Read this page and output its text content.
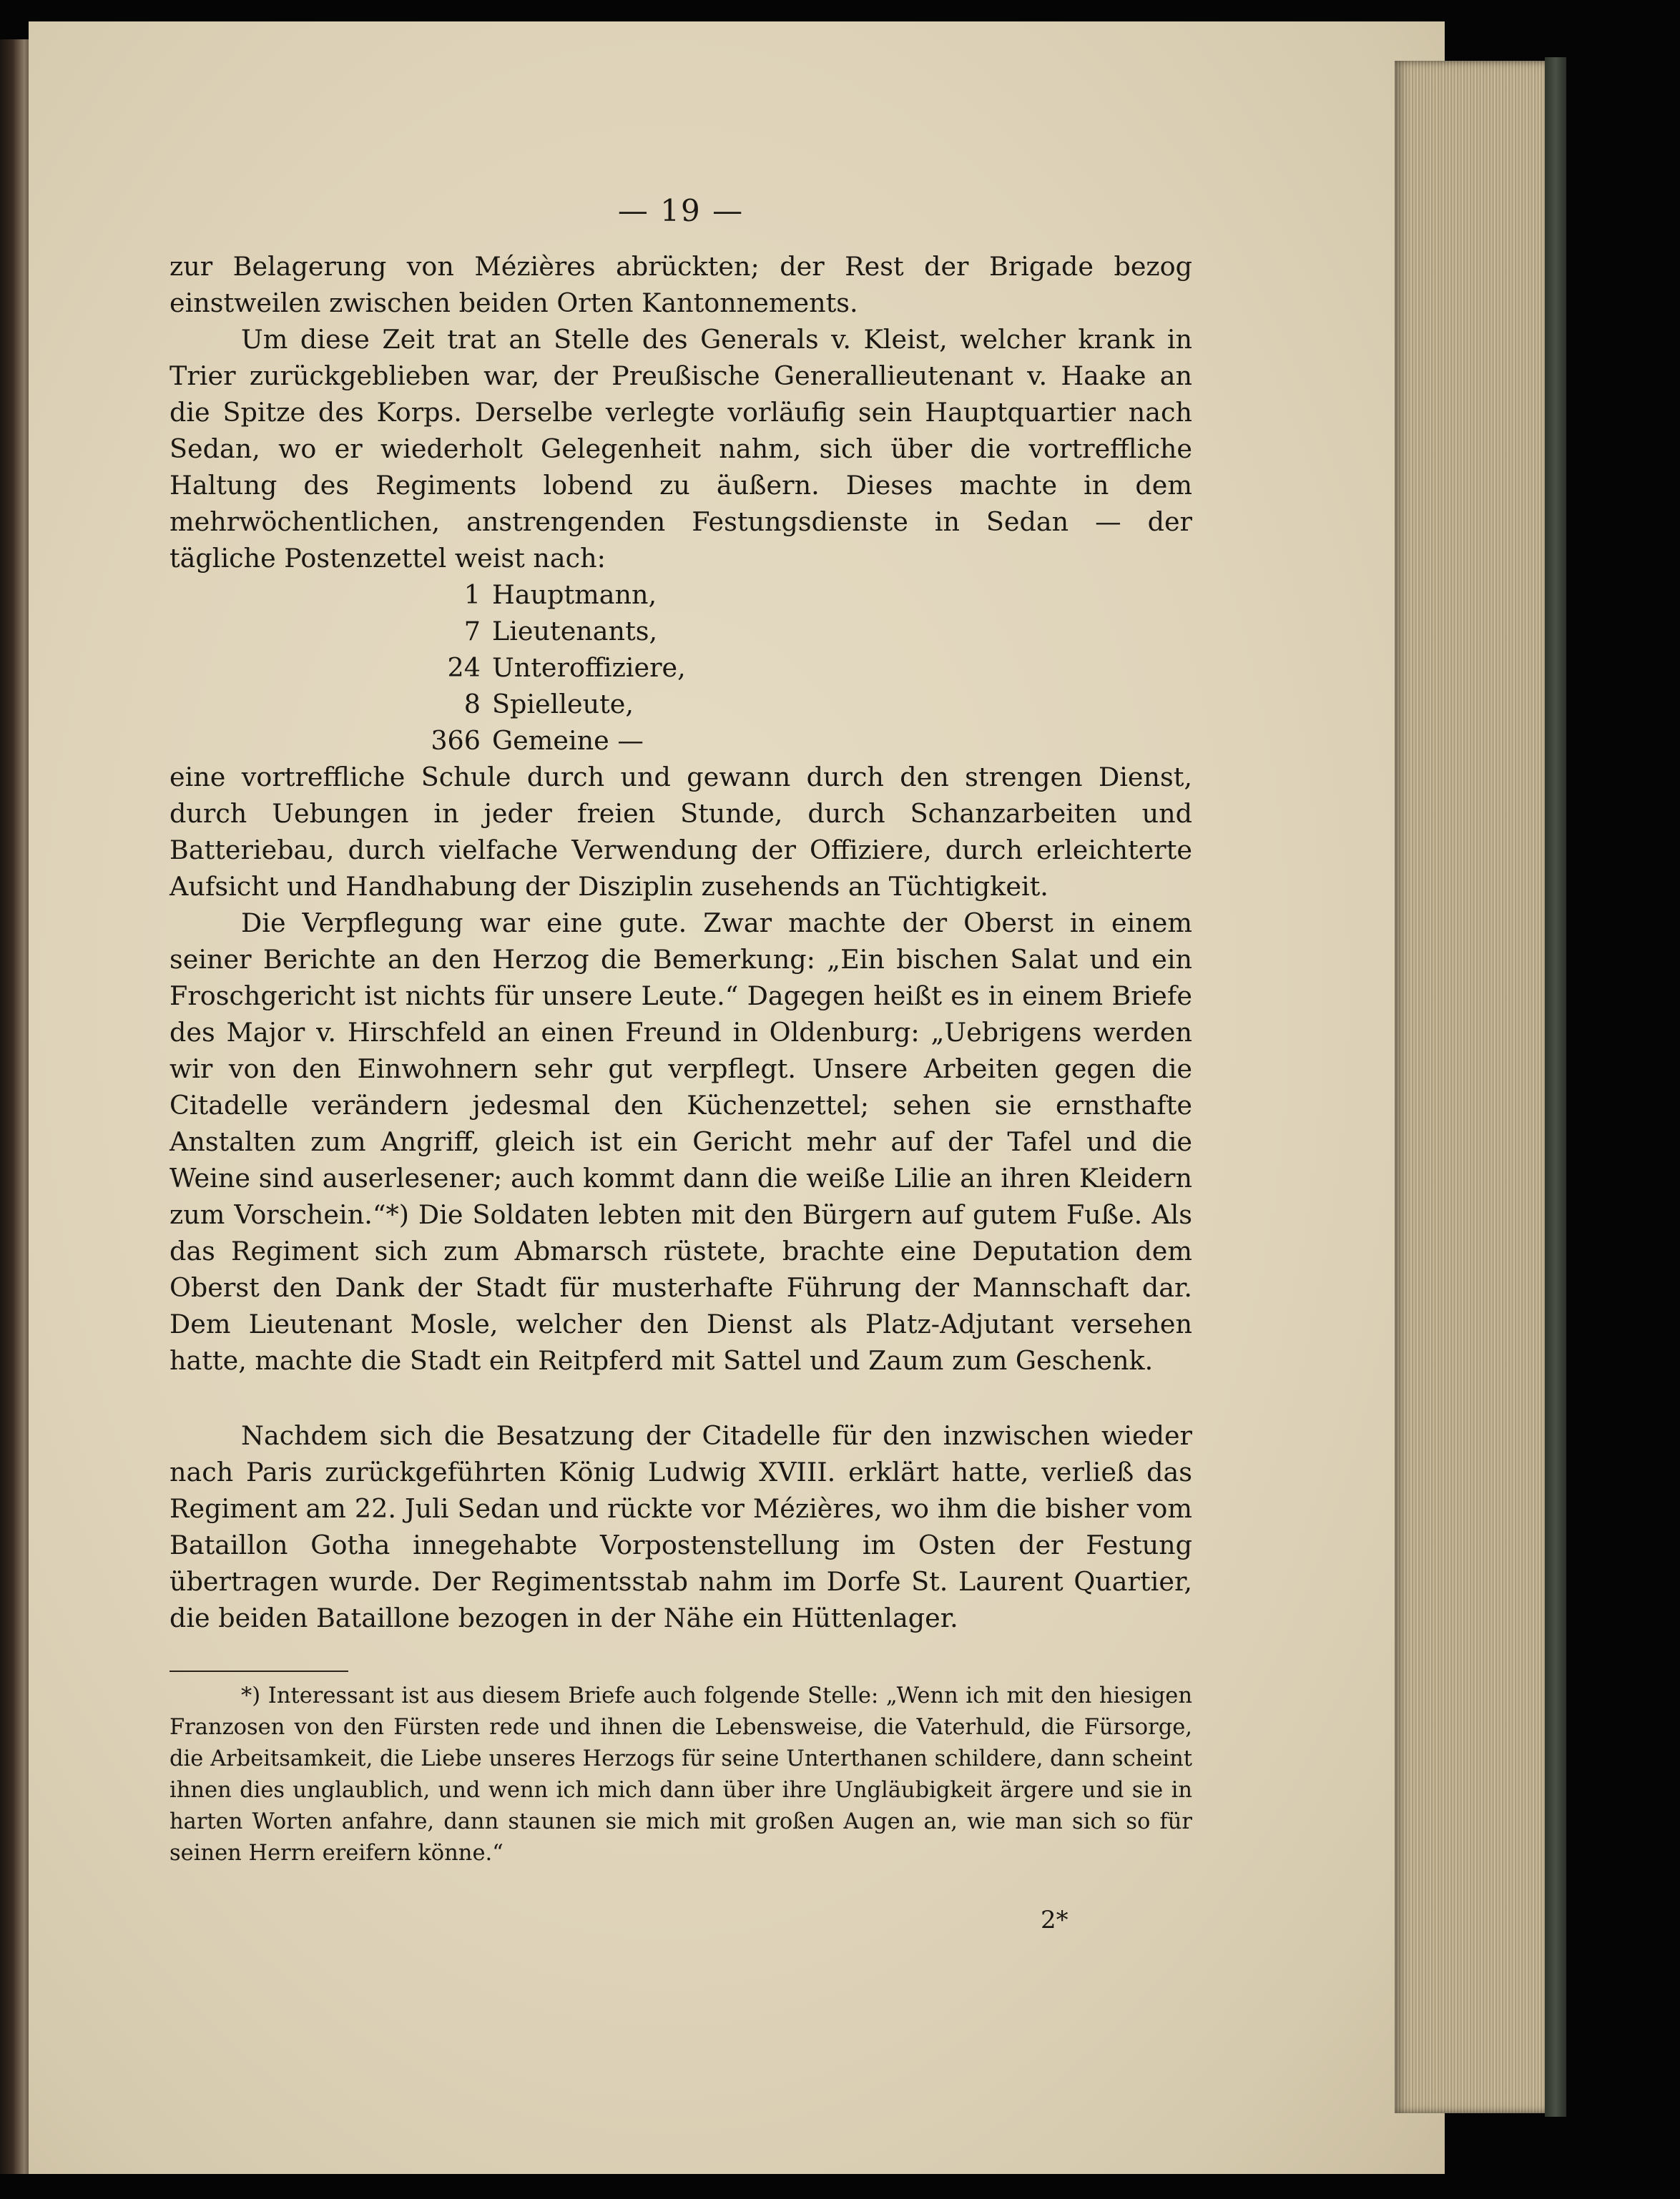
— 19 —

zur Belagerung von Mézières abrückten; der Rest der Brigade bezog einstweilen zwischen beiden Orten Kantonnements.

Um diese Zeit trat an Stelle des Generals v. Kleist, welcher krank in Trier zurückgeblieben war, der Preußische Generallieutenant v. Haake an die Spitze des Korps. Derselbe verlegte vorläufig sein Hauptquartier nach Sedan, wo er wiederholt Gelegenheit nahm, sich über die vortreffliche Haltung des Regiments lobend zu äußern. Dieses machte in dem mehrwöchentlichen, anstrengenden Festungsdienste in Sedan — der tägliche Postenzettel weist nach:

1 Hauptmann,
7 Lieutenants,
24 Unteroffiziere,
8 Spielleute,
366 Gemeine —

eine vortreffliche Schule durch und gewann durch den strengen Dienst, durch Uebungen in jeder freien Stunde, durch Schanzarbeiten und Batteriebau, durch vielfache Verwendung der Offiziere, durch erleichterte Aufsicht und Handhabung der Disziplin zusehends an Tüchtigkeit.

Die Verpflegung war eine gute. Zwar machte der Oberst in einem seiner Berichte an den Herzog die Bemerkung: „Ein bischen Salat und ein Froschgericht ist nichts für unsere Leute.“ Dagegen heißt es in einem Briefe des Major v. Hirschfeld an einen Freund in Oldenburg: „Uebrigens werden wir von den Einwohnern sehr gut verpflegt. Unsere Arbeiten gegen die Citadelle verändern jedesmal den Küchenzettel; sehen sie ernsthafte Anstalten zum Angriff, gleich ist ein Gericht mehr auf der Tafel und die Weine sind auserlesener; auch kommt dann die weiße Lilie an ihren Kleidern zum Vorschein.“*) Die Soldaten lebten mit den Bürgern auf gutem Fuße. Als das Regiment sich zum Abmarsch rüstete, brachte eine Deputation dem Oberst den Dank der Stadt für musterhafte Führung der Mannschaft dar. Dem Lieutenant Mosle, welcher den Dienst als Platz-Adjutant versehen hatte, machte die Stadt ein Reitpferd mit Sattel und Zaum zum Geschenk.

Nachdem sich die Besatzung der Citadelle für den inzwischen wieder nach Paris zurückgeführten König Ludwig XVIII. erklärt hatte, verließ das Regiment am 22. Juli Sedan und rückte vor Mézières, wo ihm die bisher vom Bataillon Gotha innegehabte Vorpostenstellung im Osten der Festung übertragen wurde. Der Regimentsstab nahm im Dorfe St. Laurent Quartier, die beiden Bataillone bezogen in der Nähe ein Hüttenlager.

*) Interessant ist aus diesem Briefe auch folgende Stelle: „Wenn ich mit den hiesigen Franzosen von den Fürsten rede und ihnen die Lebensweise, die Vaterhuld, die Fürsorge, die Arbeitsamkeit, die Liebe unseres Herzogs für seine Unterthanen schildere, dann scheint ihnen dies unglaublich, und wenn ich mich dann über ihre Ungläubigkeit ärgere und sie in harten Worten anfahre, dann staunen sie mich mit großen Augen an, wie man sich so für seinen Herrn ereifern könne.“

2*
